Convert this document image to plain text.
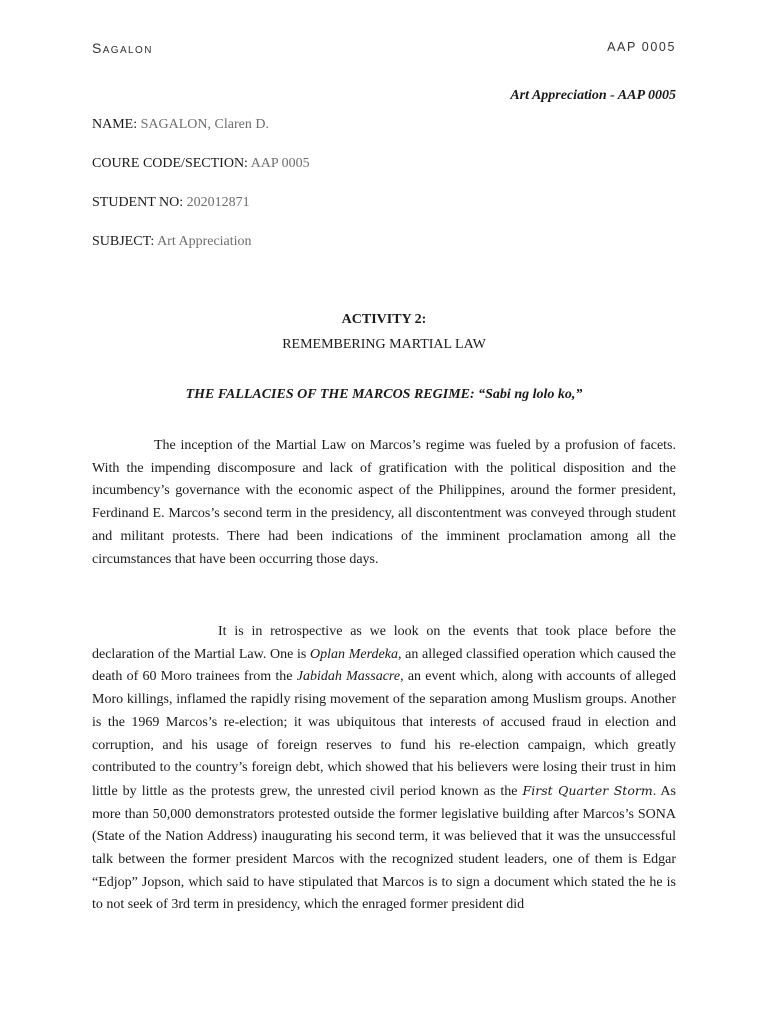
Sagalon	AAP 0005
Art Appreciation - AAP 0005
NAME: SAGALON, Claren D.
COURE CODE/SECTION: AAP 0005
STUDENT NO: 202012871
SUBJECT: Art Appreciation
ACTIVITY 2:
REMEMBERING MARTIAL LAW
THE FALLACIES OF THE MARCOS REGIME: “Sabi ng lolo ko,”

The inception of the Martial Law on Marcos’s regime was fueled by a profusion of facets. With the impending discomposure and lack of gratification with the political disposition and the incumbency’s governance with the economic aspect of the Philippines, around the former president, Ferdinand E. Marcos’s second term in the presidency, all discontentment was conveyed through student and militant protests. There had been indications of the imminent proclamation among all the circumstances that have been occurring those days.

It is in retrospective as we look on the events that took place before the declaration of the Martial Law. One is Oplan Merdeka, an alleged classified operation which caused the death of 60 Moro trainees from the Jabidah Massacre, an event which, along with accounts of alleged Moro killings, inflamed the rapidly rising movement of the separation among Muslism groups. Another is the 1969 Marcos’s re-election; it was ubiquitous that interests of accused fraud in election and corruption, and his usage of foreign reserves to fund his re-election campaign, which greatly contributed to the country’s foreign debt, which showed that his believers were losing their trust in him little by little as the protests grew, the unrested civil period known as the First Quarter Storm. As more than 50,000 demonstrators protested outside the former legislative building after Marcos’s SONA (State of the Nation Address) inaugurating his second term, it was believed that it was the unsuccessful talk between the former president Marcos with the recognized student leaders, one of them is Edgar “Edjop” Jopson, which said to have stipulated that Marcos is to sign a document which stated the he is to not seek of 3rd term in presidency, which the enraged former president did
